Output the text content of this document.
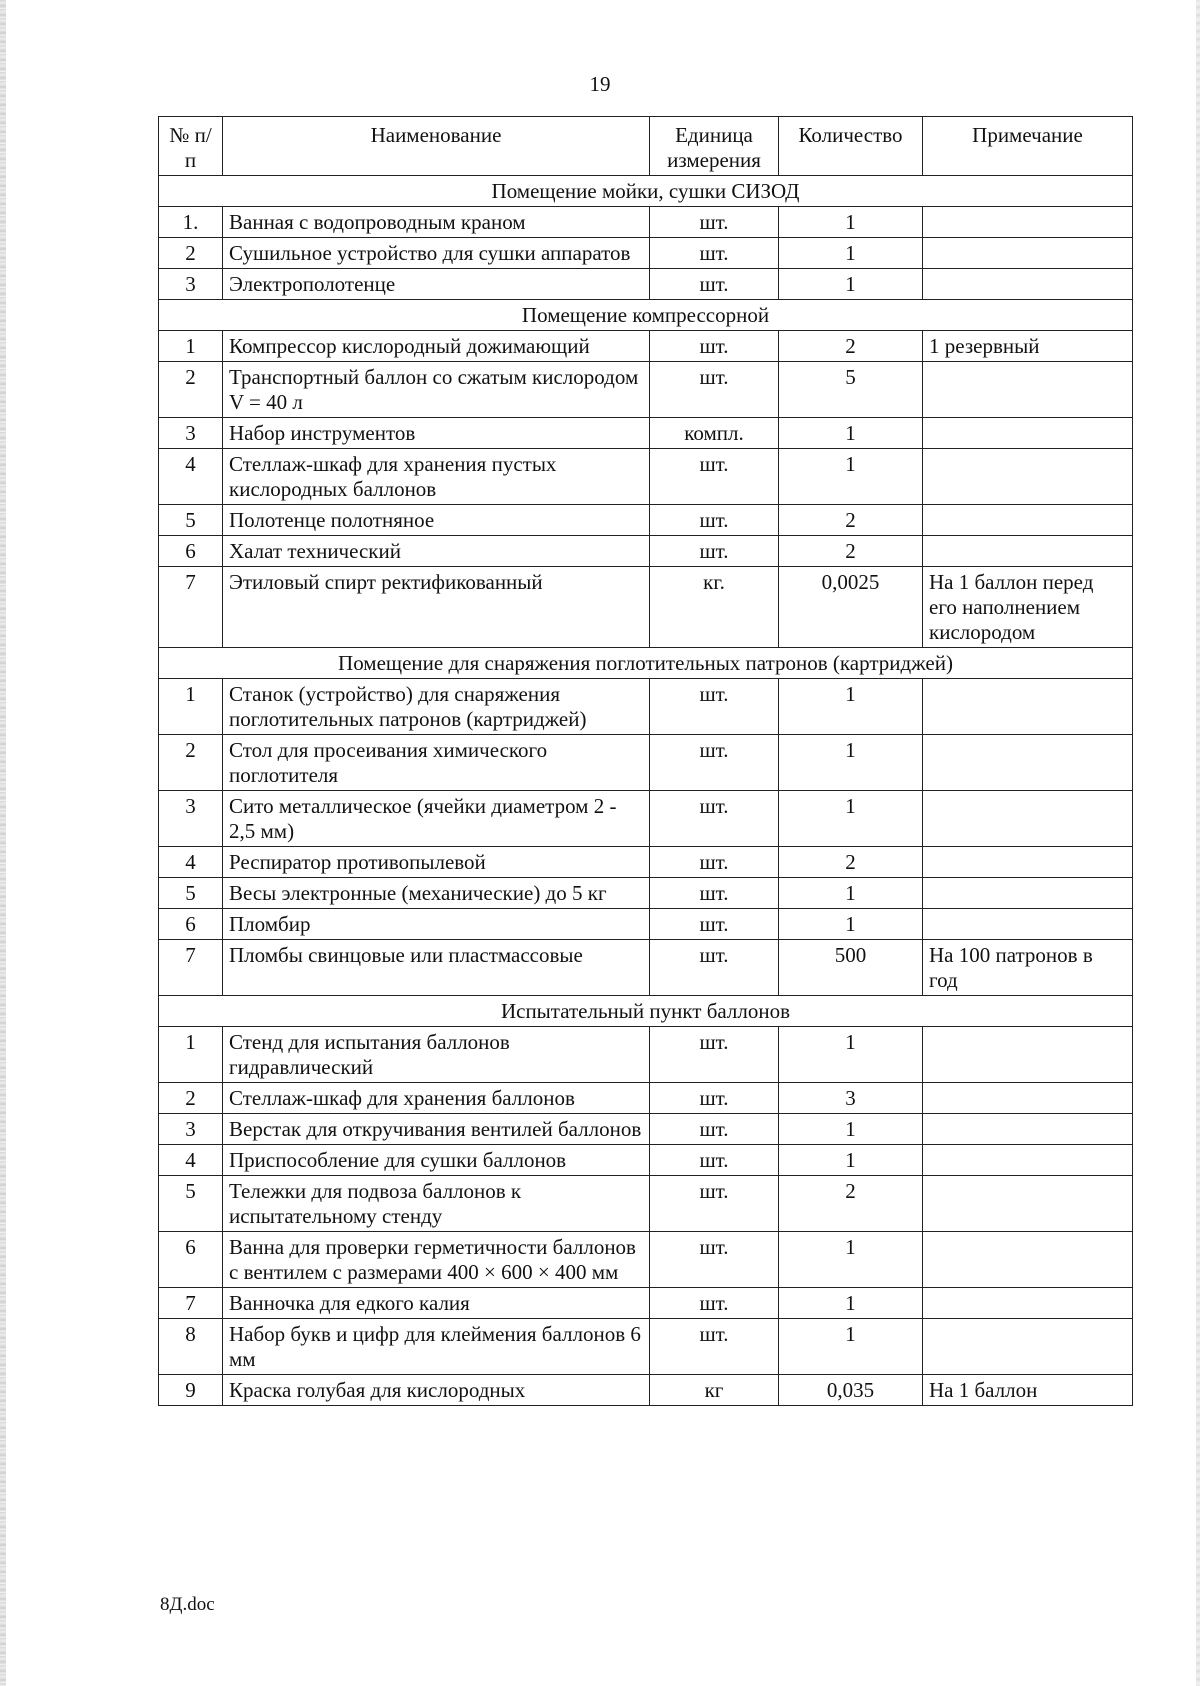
19
№ п/п	Наименование	Единица измерения	Количество	Примечание
Помещение мойки, сушки СИЗОД				
1.	Ванная с водопроводным краном	шт.	1	
2	Сушильное устройство для сушки аппаратов	шт.	1	
3	Электрополотенце	шт.	1	
Помещение компрессорной				
1	Компрессор кислородный дожимающий	шт.	2	1 резервный
2	Транспортный баллон со сжатым кислородом V = 40 л	шт.	5	
3	Набор инструментов	компл.	1	
4	Стеллаж-шкаф для хранения пустых кислородных баллонов	шт.	1	
5	Полотенце полотняное	шт.	2	
6	Халат технический	шт.	2	
7	Этиловый спирт ректификованный	кг.	0,0025	На 1 баллон перед его наполнением кислородом
Помещение для снаряжения поглотительных патронов (картриджей)				
1	Станок (устройство) для снаряжения поглотительных патронов (картриджей)	шт.	1	
2	Стол для просеивания химического поглотителя	шт.	1	
3	Сито металлическое (ячейки диаметром 2 - 2,5 мм)	шт.	1	
4	Респиратор противопылевой	шт.	2	
5	Весы электронные (механические) до 5 кг	шт.	1	
6	Пломбир	шт.	1	
7	Пломбы свинцовые или пластмассовые	шт.	500	На 100 патронов в год
Испытательный пункт баллонов				
1	Стенд для испытания баллонов гидравлический	шт.	1	
2	Стеллаж-шкаф для хранения баллонов	шт.	3	
3	Верстак для откручивания вентилей баллонов	шт.	1	
4	Приспособление для сушки баллонов	шт.	1	
5	Тележки для подвоза баллонов к испытательному стенду	шт.	2	
6	Ванна для проверки герметичности баллонов с вентилем с размерами 400 × 600 × 400 мм	шт.	1	
7	Ванночка для едкого калия	шт.	1	
8	Набор букв и цифр для клеймения баллонов 6 мм	шт.	1	
9	Краска голубая для кислородных	кг	0,035	На 1 баллон
8Д.doc
